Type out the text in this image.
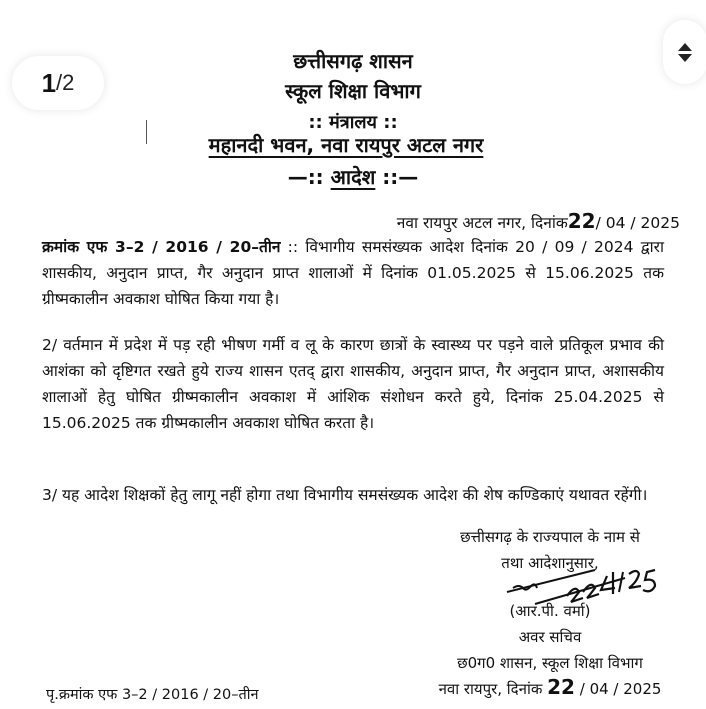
1 / 2
छत्तीसगढ़ शासन
स्कूल शिक्षा विभाग
:: मंत्रालय ::
महानदी भवन, नवा रायपुर अटल नगर
—:: आदेश ::—
नवा रायपुर अटल नगर, दिनांक22/ 04 / 2025
क्रमांक एफ 3–2 / 2016 / 20–तीन :: विभागीय समसंख्यक आदेश दिनांक 20 / 09 / 2024 द्वारा शासकीय, अनुदान प्राप्त, गैर अनुदान प्राप्त शालाओं में दिनांक 01.05.2025 से 15.06.2025 तक ग्रीष्मकालीन अवकाश घोषित किया गया है।
2/ वर्तमान में प्रदेश में पड़ रही भीषण गर्मी व लू के कारण छात्रों के स्वास्थ्य पर पड़ने वाले प्रतिकूल प्रभाव की आशंका को दृष्टिगत रखते हुये राज्य शासन एतद् द्वारा शासकीय, अनुदान प्राप्त, गैर अनुदान प्राप्त, अशासकीय शालाओं हेतु घोषित ग्रीष्मकालीन अवकाश में आंशिक संशोधन करते हुये, दिनांक 25.04.2025 से 15.06.2025 तक ग्रीष्मकालीन अवकाश घोषित करता है।
3/ यह आदेश शिक्षकों हेतु लागू नहीं होगा तथा विभागीय समसंख्यक आदेश की शेष कण्डिकाएं यथावत रहेंगी।
छत्तीसगढ़ के राज्यपाल के नाम से
तथा आदेशानुसार,
(आर.पी. वर्मा)
अवर सचिव
छ0ग0 शासन, स्कूल शिक्षा विभाग
नवा रायपुर, दिनांक 22 / 04 / 2025
पृ.क्रमांक एफ 3–2 / 2016 / 20–तीन
